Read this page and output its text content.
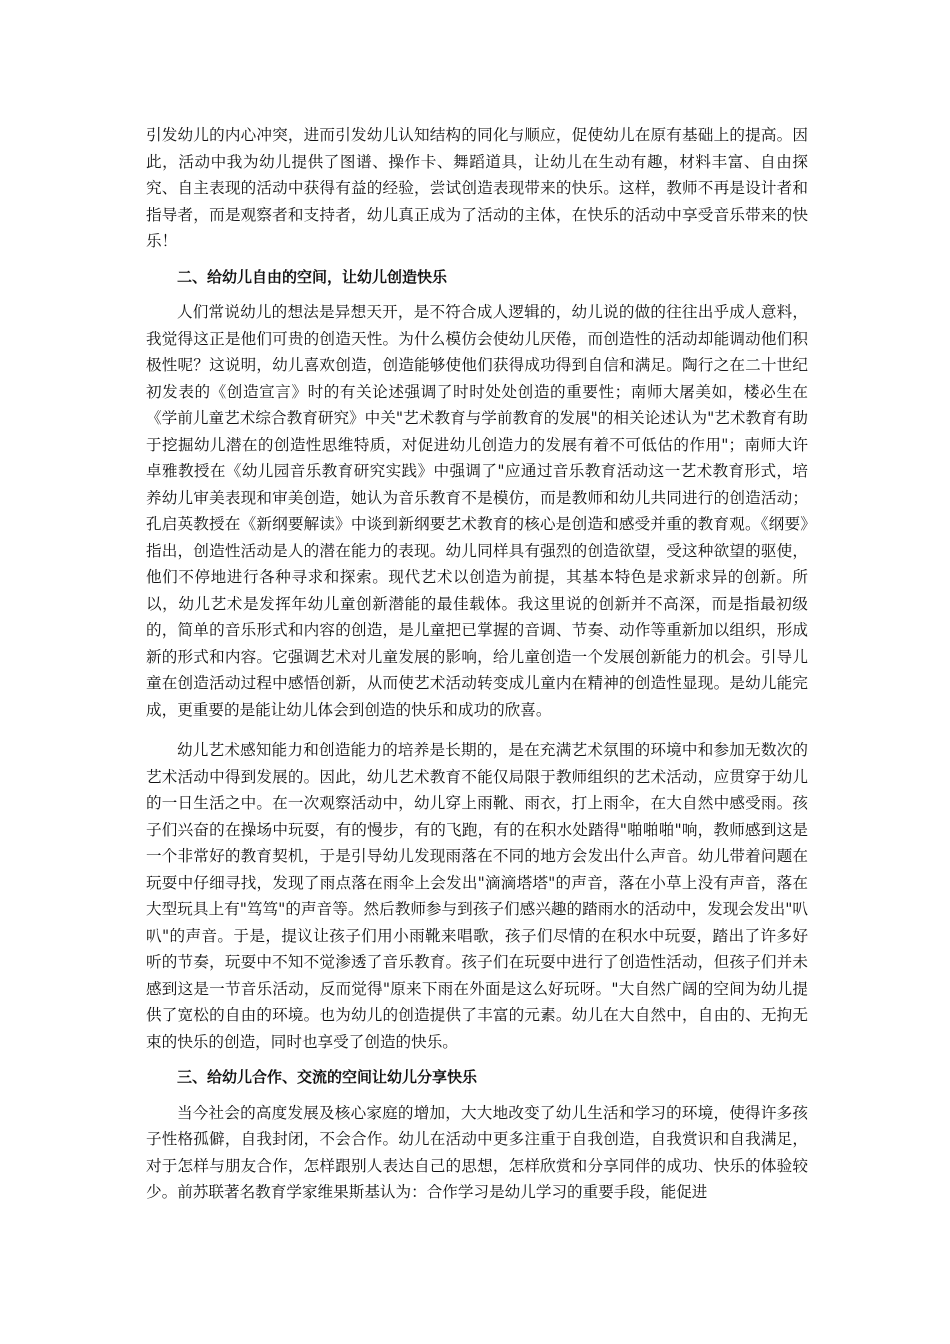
引发幼儿的内心冲突，进而引发幼儿认知结构的同化与顺应，促使幼儿在原有基础上的提高。因此，活动中我为幼儿提供了图谱、操作卡、舞蹈道具，让幼儿在生动有趣，材料丰富、自由探究、自主表现的活动中获得有益的经验，尝试创造表现带来的快乐。这样，教师不再是设计者和指导者，而是观察者和支持者，幼儿真正成为了活动的主体，在快乐的活动中享受音乐带来的快乐！

二、给幼儿自由的空间，让幼儿创造快乐

人们常说幼儿的想法是异想天开，是不符合成人逻辑的，幼儿说的做的往往出乎成人意料，我觉得这正是他们可贵的创造天性。为什么模仿会使幼儿厌倦，而创造性的活动却能调动他们积极性呢？这说明，幼儿喜欢创造，创造能够使他们获得成功得到自信和满足。陶行之在二十世纪初发表的《创造宣言》时的有关论述强调了时时处处创造的重要性；南师大屠美如，楼必生在《学前儿童艺术综合教育研究》中关"艺术教育与学前教育的发展"的相关论述认为"艺术教育有助于挖掘幼儿潜在的创造性思维特质，对促进幼儿创造力的发展有着不可低估的作用"；南师大许卓雅教授在《幼儿园音乐教育研究实践》中强调了"应通过音乐教育活动这一艺术教育形式，培养幼儿审美表现和审美创造，她认为音乐教育不是模仿，而是教师和幼儿共同进行的创造活动；孔启英教授在《新纲要解读》中谈到新纲要艺术教育的核心是创造和感受并重的教育观。《纲要》指出，创造性活动是人的潜在能力的表现。幼儿同样具有强烈的创造欲望，受这种欲望的驱使，他们不停地进行各种寻求和探索。现代艺术以创造为前提，其基本特色是求新求异的创新。所以，幼儿艺术是发挥年幼儿童创新潜能的最佳载体。我这里说的创新并不高深，而是指最初级的，简单的音乐形式和内容的创造，是儿童把已掌握的音调、节奏、动作等重新加以组织，形成新的形式和内容。它强调艺术对儿童发展的影响，给儿童创造一个发展创新能力的机会。引导儿童在创造活动过程中感悟创新，从而使艺术活动转变成儿童内在精神的创造性显现。是幼儿能完成，更重要的是能让幼儿体会到创造的快乐和成功的欣喜。

幼儿艺术感知能力和创造能力的培养是长期的，是在充满艺术氛围的环境中和参加无数次的艺术活动中得到发展的。因此，幼儿艺术教育不能仅局限于教师组织的艺术活动，应贯穿于幼儿的一日生活之中。在一次观察活动中，幼儿穿上雨靴、雨衣，打上雨伞，在大自然中感受雨。孩子们兴奋的在操场中玩耍，有的慢步，有的飞跑，有的在积水处踏得"啪啪啪"响，教师感到这是一个非常好的教育契机，于是引导幼儿发现雨落在不同的地方会发出什么声音。幼儿带着问题在玩耍中仔细寻找，发现了雨点落在雨伞上会发出"滴滴塔塔"的声音，落在小草上没有声音，落在大型玩具上有"笃笃"的声音等。然后教师参与到孩子们感兴趣的踏雨水的活动中，发现会发出"叭叭"的声音。于是，提议让孩子们用小雨靴来唱歌，孩子们尽情的在积水中玩耍，踏出了许多好听的节奏，玩耍中不知不觉渗透了音乐教育。孩子们在玩耍中进行了创造性活动，但孩子们并未感到这是一节音乐活动，反而觉得"原来下雨在外面是这么好玩呀。"大自然广阔的空间为幼儿提供了宽松的自由的环境。也为幼儿的创造提供了丰富的元素。幼儿在大自然中，自由的、无拘无束的快乐的创造，同时也享受了创造的快乐。

三、给幼儿合作、交流的空间让幼儿分享快乐

当今社会的高度发展及核心家庭的增加，大大地改变了幼儿生活和学习的环境，使得许多孩子性格孤僻，自我封闭，不会合作。幼儿在活动中更多注重于自我创造，自我赏识和自我满足，对于怎样与朋友合作，怎样跟别人表达自己的思想，怎样欣赏和分享同伴的成功、快乐的体验较少。前苏联著名教育学家维果斯基认为：合作学习是幼儿学习的重要手段，能促进
